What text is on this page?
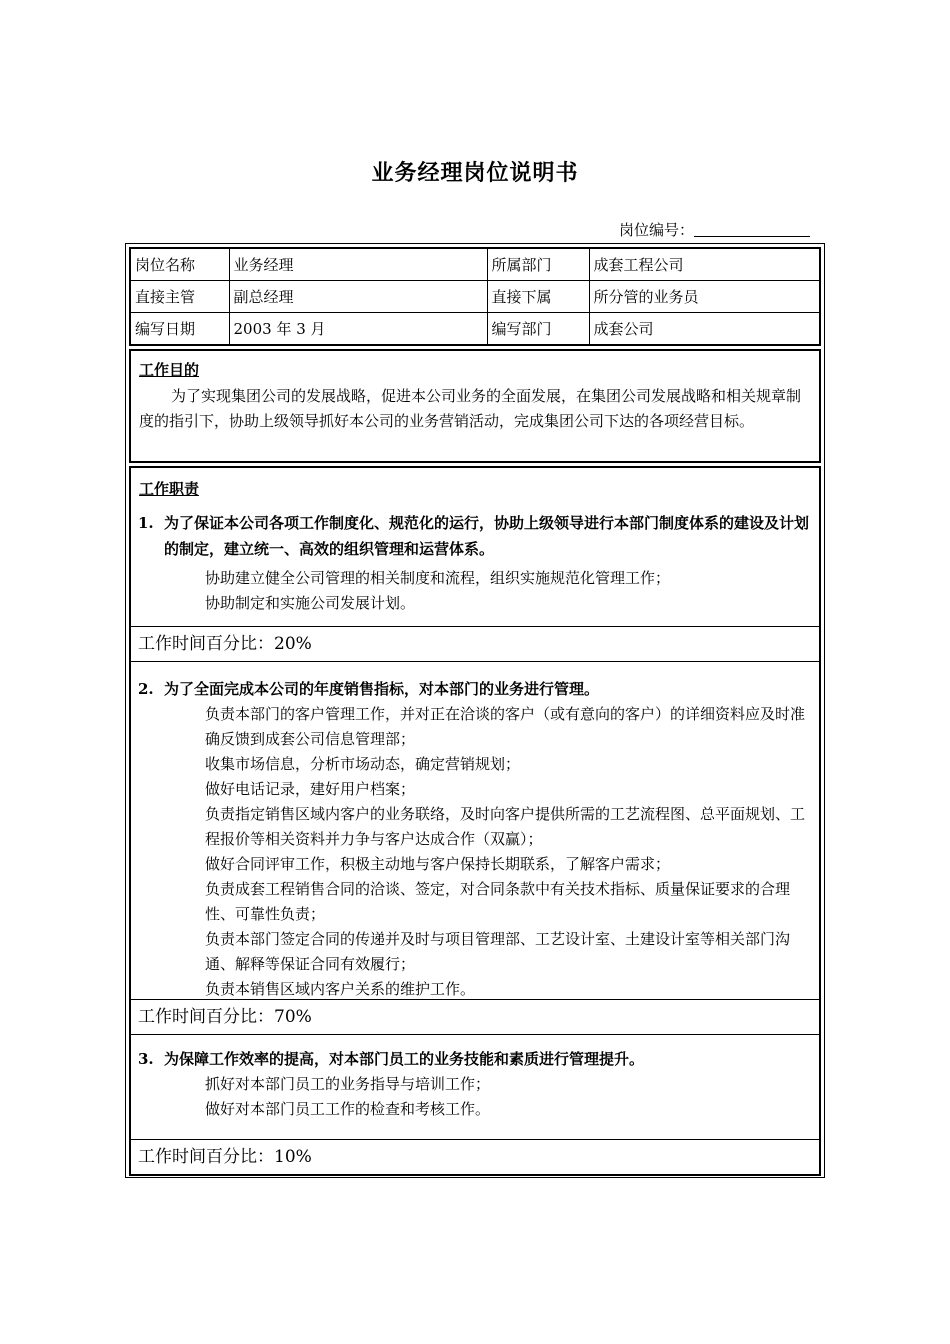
业务经理岗位说明书
岗位编号：
岗位名称	业务经理	所属部门	成套工程公司
直接主管	副总经理	直接下属	所分管的业务员
编写日期	2003 年 3 月	编写部门	成套公司
工作目的
为了实现集团公司的发展战略，促进本公司业务的全面发展，在集团公司发展战略和相关规章制度的指引下，协助上级领导抓好本公司的业务营销活动，完成集团公司下达的各项经营目标。
工作职责
1. 为了保证本公司各项工作制度化、规范化的运行，协助上级领导进行本部门制度体系的建设及计划的制定，建立统一、高效的组织管理和运营体系。
协助建立健全公司管理的相关制度和流程，组织实施规范化管理工作；
协助制定和实施公司发展计划。
工作时间百分比：20%
2. 为了全面完成本公司的年度销售指标，对本部门的业务进行管理。
负责本部门的客户管理工作，并对正在洽谈的客户（或有意向的客户）的详细资料应及时准确反馈到成套公司信息管理部；
收集市场信息，分析市场动态，确定营销规划；
做好电话记录，建好用户档案；
负责指定销售区域内客户的业务联络，及时向客户提供所需的工艺流程图、总平面规划、工程报价等相关资料并力争与客户达成合作（双赢）；
做好合同评审工作，积极主动地与客户保持长期联系，了解客户需求；
负责成套工程销售合同的洽谈、签定，对合同条款中有关技术指标、质量保证要求的合理性、可靠性负责；
负责本部门签定合同的传递并及时与项目管理部、工艺设计室、土建设计室等相关部门沟通、解释等保证合同有效履行；
负责本销售区域内客户关系的维护工作。
工作时间百分比：70%
3. 为保障工作效率的提高，对本部门员工的业务技能和素质进行管理提升。
抓好对本部门员工的业务指导与培训工作；
做好对本部门员工工作的检查和考核工作。
工作时间百分比：10%
